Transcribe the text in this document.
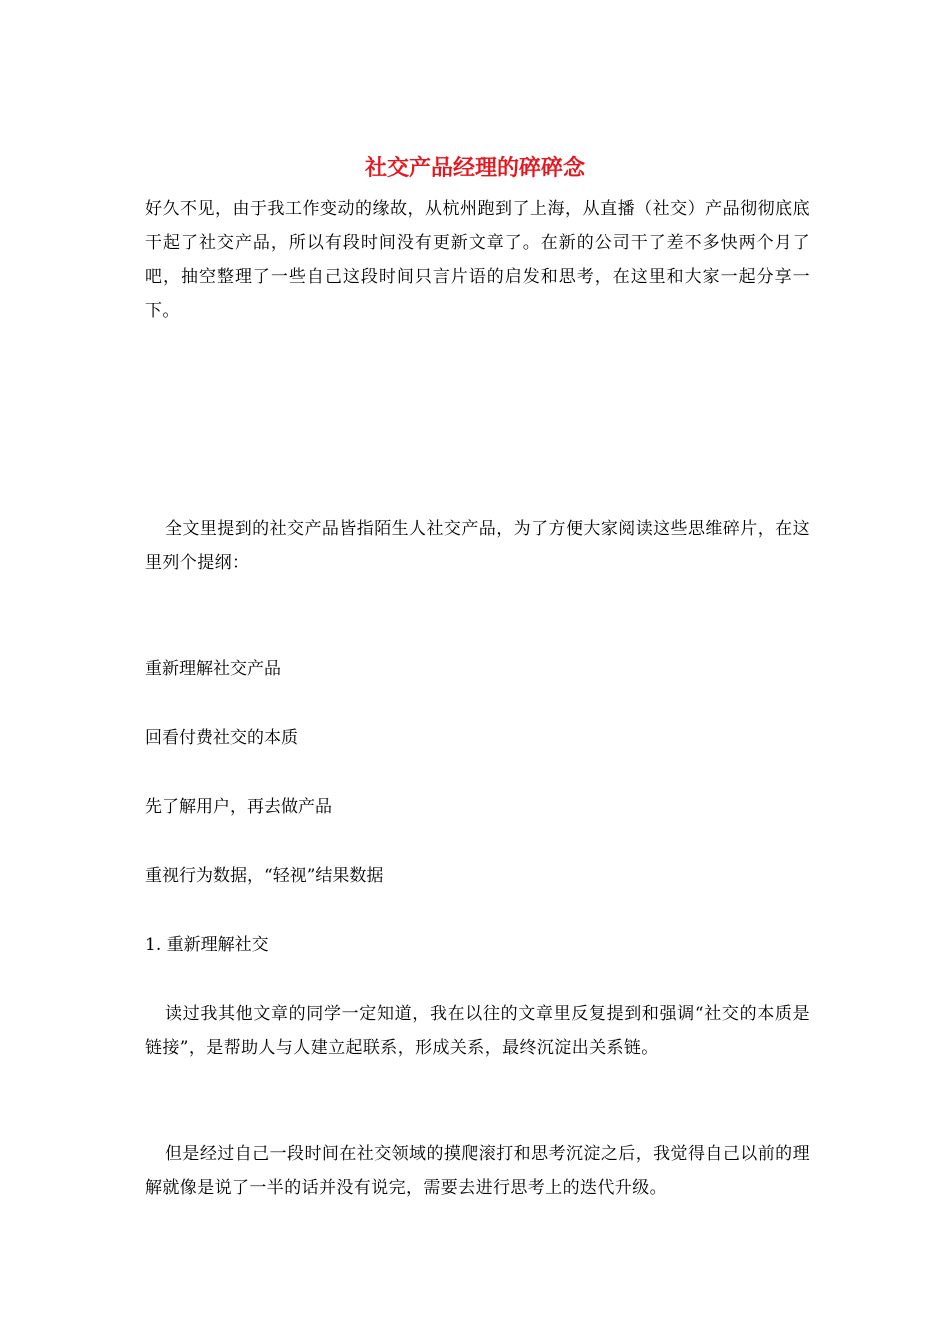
社交产品经理的碎碎念
好久不见，由于我工作变动的缘故，从杭州跑到了上海，从直播（社交）产品彻彻底底干起了社交产品，所以有段时间没有更新文章了。在新的公司干了差不多快两个月了吧，抽空整理了一些自己这段时间只言片语的启发和思考，在这里和大家一起分享一下。
全文里提到的社交产品皆指陌生人社交产品，为了方便大家阅读这些思维碎片，在这里列个提纲：
重新理解社交产品
回看付费社交的本质
先了解用户，再去做产品
重视行为数据，“轻视”结果数据
1. 重新理解社交
读过我其他文章的同学一定知道，我在以往的文章里反复提到和强调“社交的本质是链接”，是帮助人与人建立起联系，形成关系，最终沉淀出关系链。
但是经过自己一段时间在社交领域的摸爬滚打和思考沉淀之后，我觉得自己以前的理解就像是说了一半的话并没有说完，需要去进行思考上的迭代升级。
